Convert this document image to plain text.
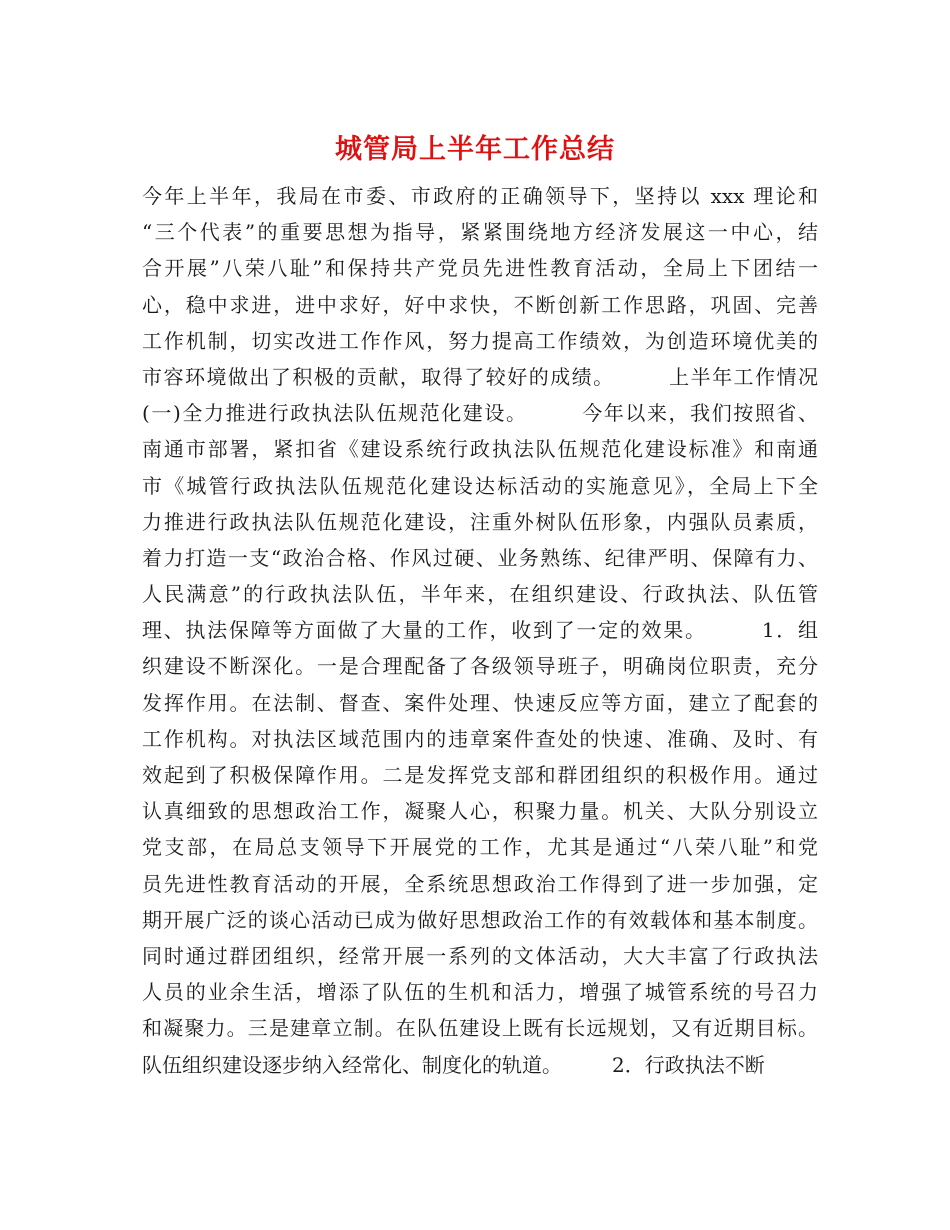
城管局上半年工作总结
今年上半年，我局在市委、市政府的正确领导下，坚持以 xxx 理论和
“三个代表”的重要思想为指导，紧紧围绕地方经济发展这一中心，结
合开展”八荣八耻”和保持共产党员先进性教育活动，全局上下团结一
心，稳中求进，进中求好，好中求快，不断创新工作思路，巩固、完善
工作机制，切实改进工作作风，努力提高工作绩效，为创造环境优美的
市容环境做出了积极的贡献，取得了较好的成绩。　　　上半年工作情况
(一)全力推进行政执法队伍规范化建设。　　　今年以来，我们按照省、
南通市部署，紧扣省《建设系统行政执法队伍规范化建设标准》和南通
市《城管行政执法队伍规范化建设达标活动的实施意见》，全局上下全
力推进行政执法队伍规范化建设，注重外树队伍形象，内强队员素质，
着力打造一支“政治合格、作风过硬、业务熟练、纪律严明、保障有力、
人民满意”的行政执法队伍，半年来，在组织建设、行政执法、队伍管
理、执法保障等方面做了大量的工作，收到了一定的效果。　　　1．组
织建设不断深化。一是合理配备了各级领导班子，明确岗位职责，充分
发挥作用。在法制、督查、案件处理、快速反应等方面，建立了配套的
工作机构。对执法区域范围内的违章案件查处的快速、准确、及时、有
效起到了积极保障作用。二是发挥党支部和群团组织的积极作用。通过
认真细致的思想政治工作，凝聚人心，积聚力量。机关、大队分别设立
党支部，在局总支领导下开展党的工作，尤其是通过“八荣八耻”和党
员先进性教育活动的开展，全系统思想政治工作得到了进一步加强，定
期开展广泛的谈心活动已成为做好思想政治工作的有效载体和基本制度。
同时通过群团组织，经常开展一系列的文体活动，大大丰富了行政执法
人员的业余生活，增添了队伍的生机和活力，增强了城管系统的号召力
和凝聚力。三是建章立制。在队伍建设上既有长远规划，又有近期目标。
队伍组织建设逐步纳入经常化、制度化的轨道。　　　2．行政执法不断
